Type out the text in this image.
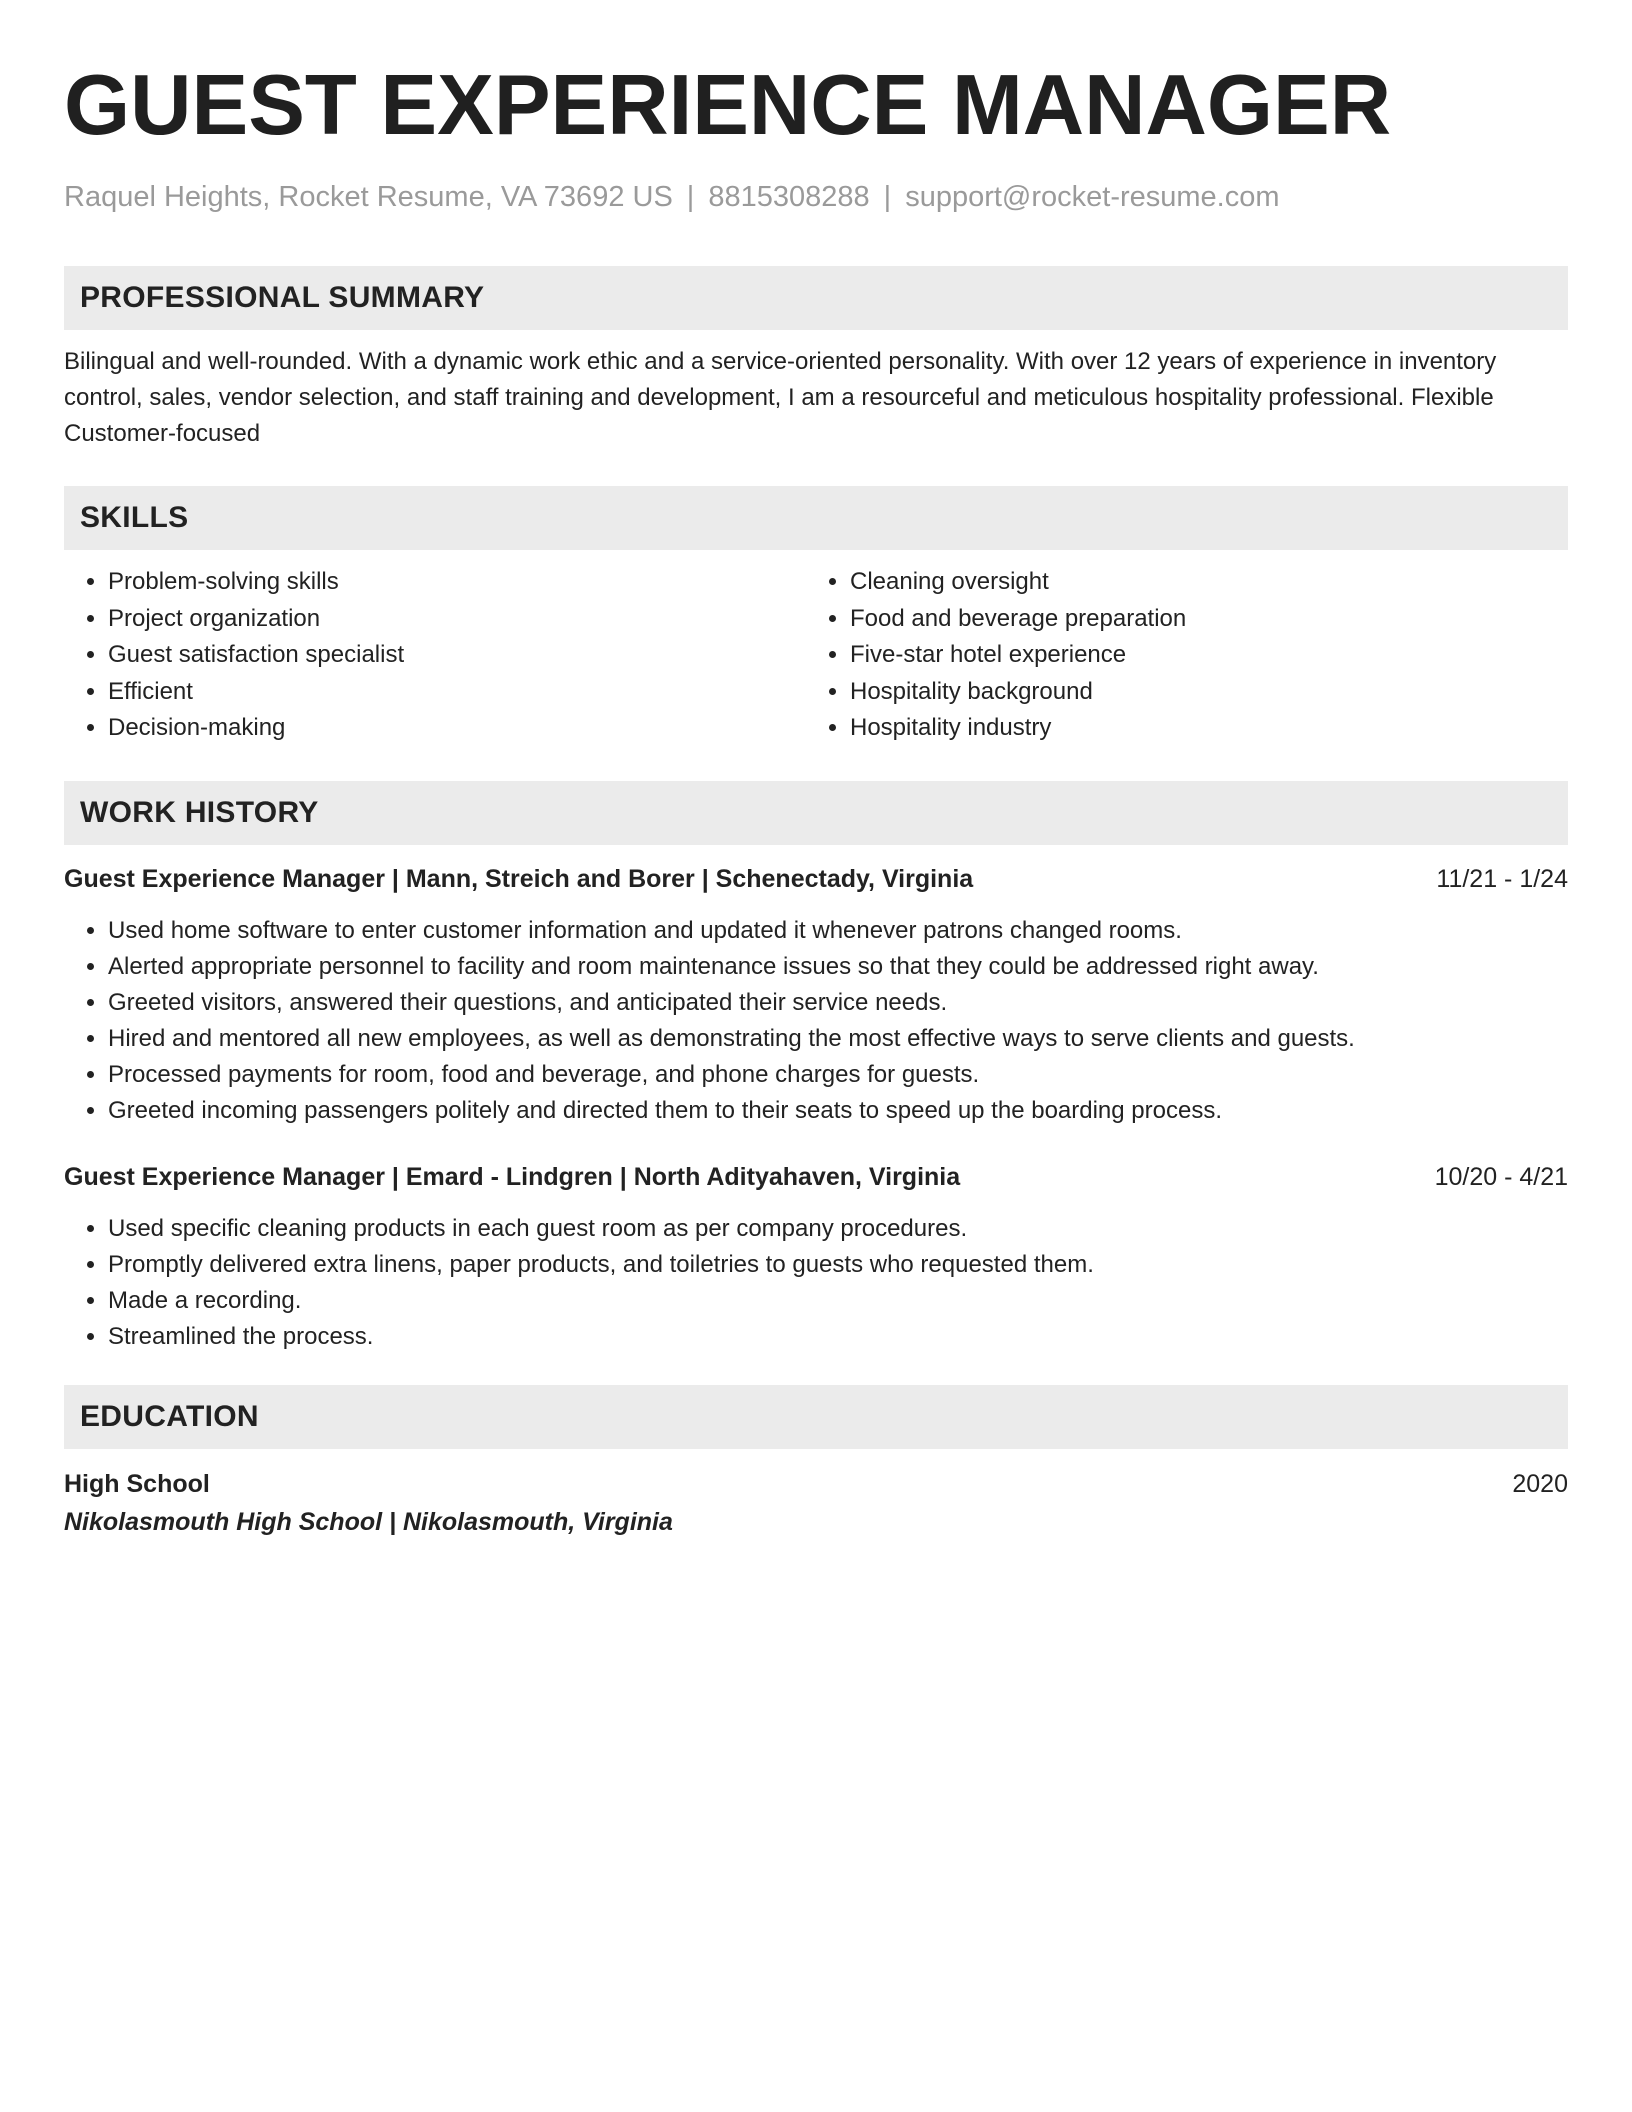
GUEST EXPERIENCE MANAGER
Raquel Heights, Rocket Resume, VA 73692 US | 8815308288 | support@rocket-resume.com
PROFESSIONAL SUMMARY
Bilingual and well-rounded. With a dynamic work ethic and a service-oriented personality. With over 12 years of experience in inventory control, sales, vendor selection, and staff training and development, I am a resourceful and meticulous hospitality professional. Flexible Customer-focused
SKILLS
• Problem-solving skills
• Project organization
• Guest satisfaction specialist
• Efficient
• Decision-making
• Cleaning oversight
• Food and beverage preparation
• Five-star hotel experience
• Hospitality background
• Hospitality industry
WORK HISTORY
Guest Experience Manager | Mann, Streich and Borer | Schenectady, Virginia	11/21 - 1/24
• Used home software to enter customer information and updated it whenever patrons changed rooms.
• Alerted appropriate personnel to facility and room maintenance issues so that they could be addressed right away.
• Greeted visitors, answered their questions, and anticipated their service needs.
• Hired and mentored all new employees, as well as demonstrating the most effective ways to serve clients and guests.
• Processed payments for room, food and beverage, and phone charges for guests.
• Greeted incoming passengers politely and directed them to their seats to speed up the boarding process.
Guest Experience Manager | Emard - Lindgren | North Adityahaven, Virginia	10/20 - 4/21
• Used specific cleaning products in each guest room as per company procedures.
• Promptly delivered extra linens, paper products, and toiletries to guests who requested them.
• Made a recording.
• Streamlined the process.
EDUCATION
High School	2020
Nikolasmouth High School | Nikolasmouth, Virginia
